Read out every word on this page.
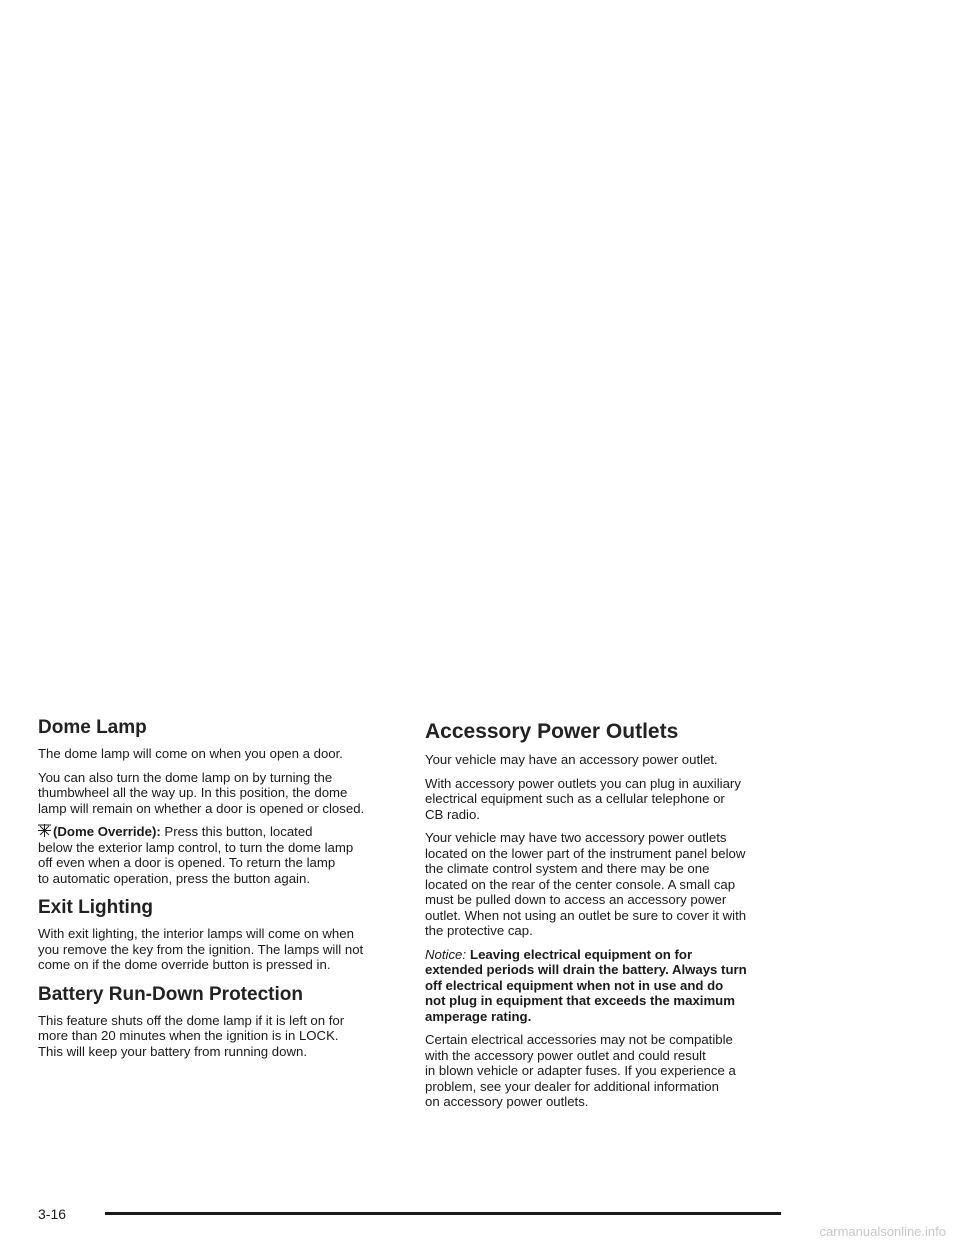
Dome Lamp

The dome lamp will come on when you open a door.

You can also turn the dome lamp on by turning the
thumbwheel all the way up. In this position, the dome
lamp will remain on whether a door is opened or closed.

(Dome Override): Press this button, located
below the exterior lamp control, to turn the dome lamp
off even when a door is opened. To return the lamp
to automatic operation, press the button again.

Exit Lighting

With exit lighting, the interior lamps will come on when
you remove the key from the ignition. The lamps will not
come on if the dome override button is pressed in.

Battery Run-Down Protection

This feature shuts off the dome lamp if it is left on for
more than 20 minutes when the ignition is in LOCK.
This will keep your battery from running down.

Accessory Power Outlets

Your vehicle may have an accessory power outlet.

With accessory power outlets you can plug in auxiliary
electrical equipment such as a cellular telephone or
CB radio.

Your vehicle may have two accessory power outlets
located on the lower part of the instrument panel below
the climate control system and there may be one
located on the rear of the center console. A small cap
must be pulled down to access an accessory power
outlet. When not using an outlet be sure to cover it with
the protective cap.

Notice: Leaving electrical equipment on for
extended periods will drain the battery. Always turn
off electrical equipment when not in use and do
not plug in equipment that exceeds the maximum
amperage rating.

Certain electrical accessories may not be compatible
with the accessory power outlet and could result
in blown vehicle or adapter fuses. If you experience a
problem, see your dealer for additional information
on accessory power outlets.

3-16
carmanualsonline.info
